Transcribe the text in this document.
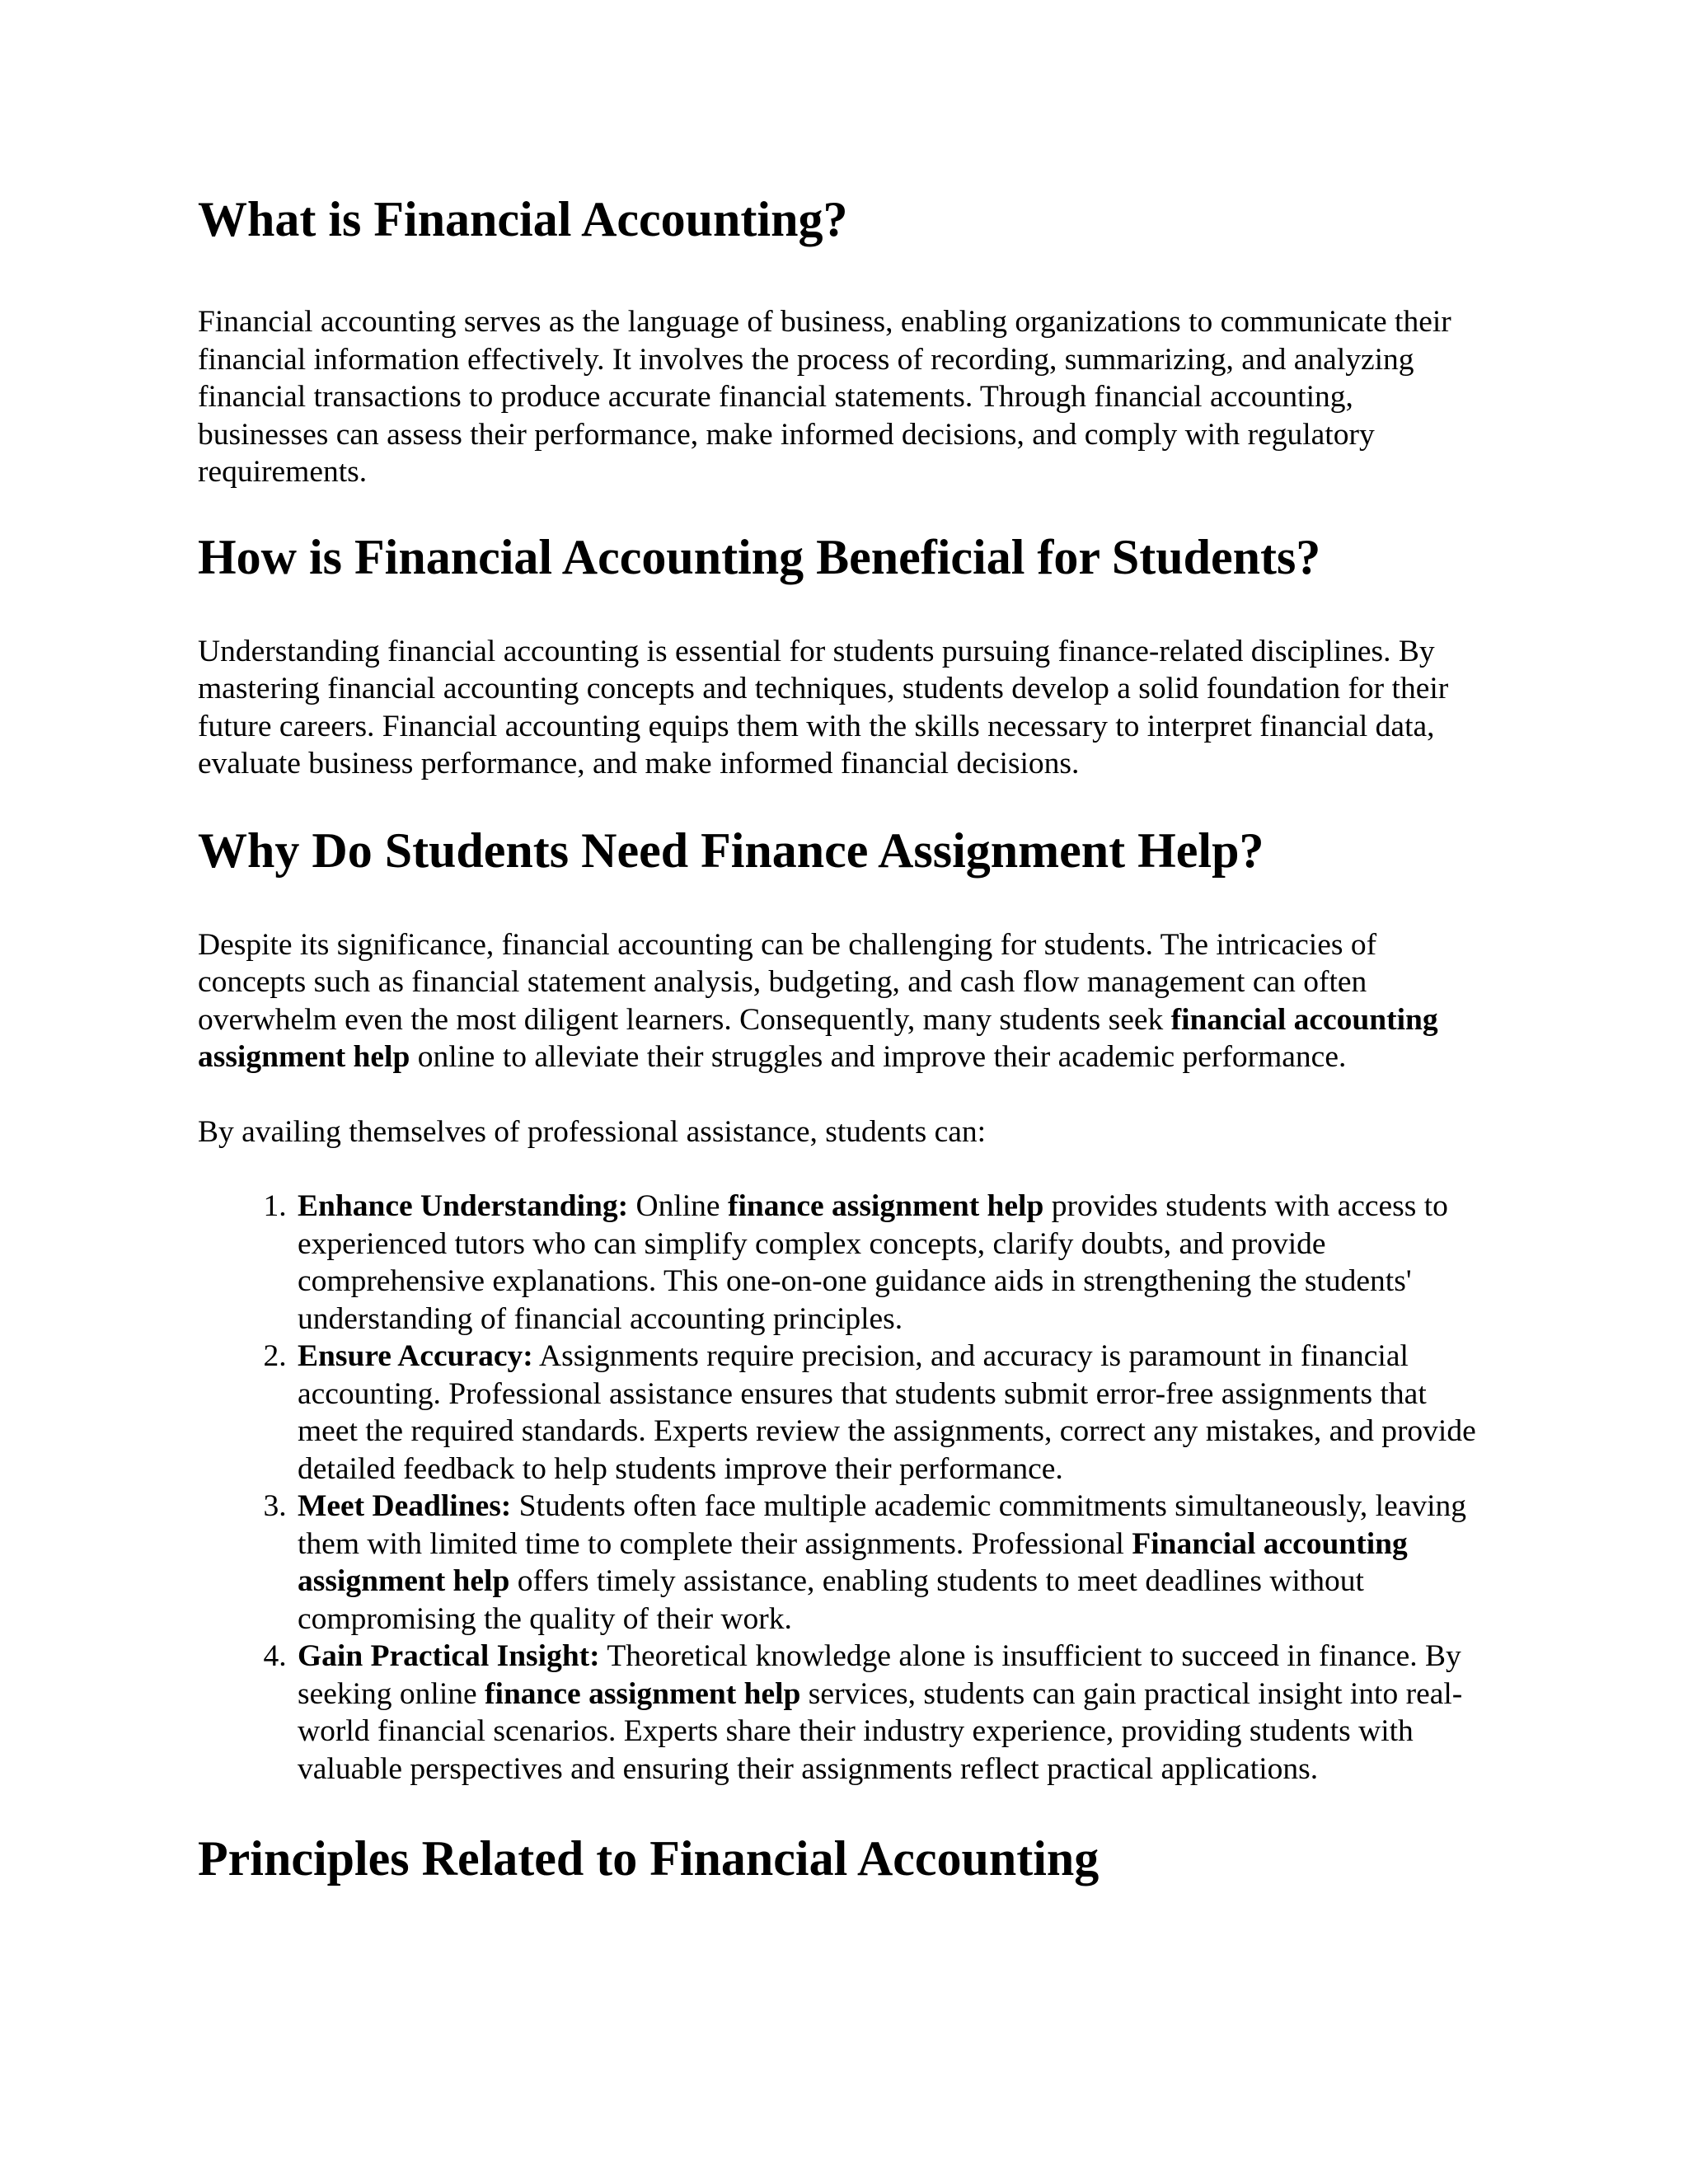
What is Financial Accounting?

Financial accounting serves as the language of business, enabling organizations to communicate their financial information effectively. It involves the process of recording, summarizing, and analyzing financial transactions to produce accurate financial statements. Through financial accounting, businesses can assess their performance, make informed decisions, and comply with regulatory requirements.

How is Financial Accounting Beneficial for Students?

Understanding financial accounting is essential for students pursuing finance-related disciplines. By mastering financial accounting concepts and techniques, students develop a solid foundation for their future careers. Financial accounting equips them with the skills necessary to interpret financial data, evaluate business performance, and make informed financial decisions.

Why Do Students Need Finance Assignment Help?

Despite its significance, financial accounting can be challenging for students. The intricacies of concepts such as financial statement analysis, budgeting, and cash flow management can often overwhelm even the most diligent learners. Consequently, many students seek financial accounting assignment help online to alleviate their struggles and improve their academic performance.

By availing themselves of professional assistance, students can:

1. Enhance Understanding: Online finance assignment help provides students with access to experienced tutors who can simplify complex concepts, clarify doubts, and provide comprehensive explanations. This one-on-one guidance aids in strengthening the students' understanding of financial accounting principles.
2. Ensure Accuracy: Assignments require precision, and accuracy is paramount in financial accounting. Professional assistance ensures that students submit error-free assignments that meet the required standards. Experts review the assignments, correct any mistakes, and provide detailed feedback to help students improve their performance.
3. Meet Deadlines: Students often face multiple academic commitments simultaneously, leaving them with limited time to complete their assignments. Professional Financial accounting assignment help offers timely assistance, enabling students to meet deadlines without compromising the quality of their work.
4. Gain Practical Insight: Theoretical knowledge alone is insufficient to succeed in finance. By seeking online finance assignment help services, students can gain practical insight into real-world financial scenarios. Experts share their industry experience, providing students with valuable perspectives and ensuring their assignments reflect practical applications.
Principles Related to Financial Accounting
